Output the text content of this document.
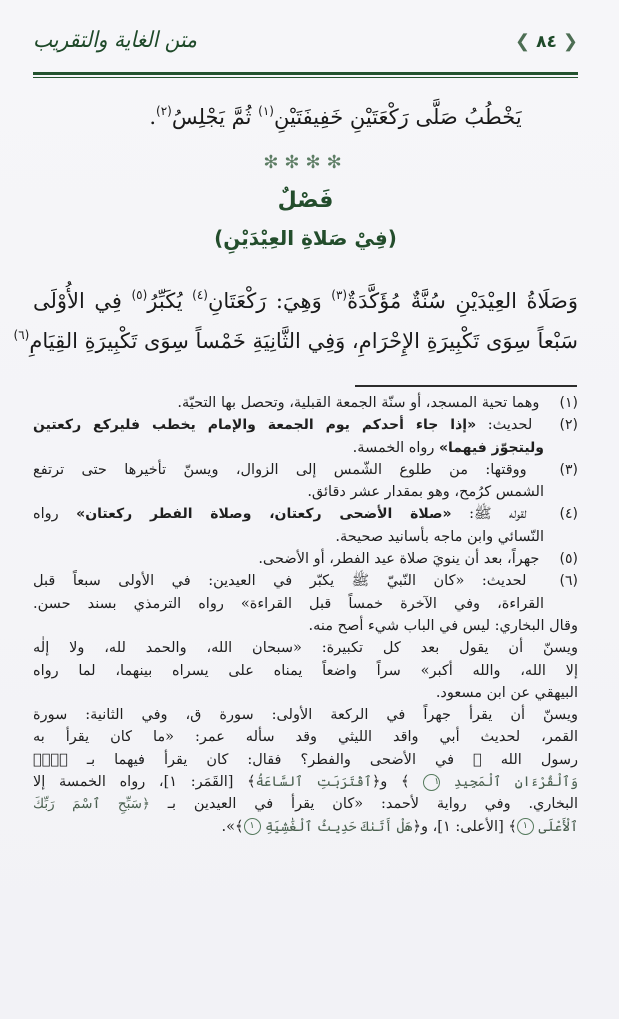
متن الغاية والتقريب	❮ ٨٤ ❯
يَخْطُبُ صَلَّى رَكْعَتَيْنِ خَفِيفَتَيْنِ$^{(١)}$ ثُمَّ يَجْلِسُ$^{(٢)}$.
✻✻✻✻
فَصْلٌ
(فِيْ صَلاةِ العِيْدَيْنِ)
وَصَلَاةُ العِيْدَيْنِ سُنَّةٌ مُؤَكَّدَةٌ$^{(٣)}$ وَهِيَ: رَكْعَتَانِ$^{(٤)}$ يُكَبِّرُ$^{(٥)}$ فِي الأُوْلَى
سَبْعاً سِوَى تَكْبِيرَةِ الإِحْرَامِ، وَفِي الثَّانِيَةِ خَمْساً سِوَى تَكْبِيرَةِ القِيَامِ$^{(٦)}$
(١) وهما تحية المسجد، أو سنّة الجمعة القبلية، وتحصل بها التحيّة.
(٢) لحديث: «إذا جاء أحدكم يوم الجمعة والإمام يخطب فليركع ركعتين
وليتجوّز فيهما» رواه الخمسة.
(٣) ووقتها: من طلوع الشّمس إلى الزوال، ويسنّ تأخيرها حتى ترتفع
الشمس كرُمح، وهو بمقدار عشر دقائق.
(٤) لقوله ﷺ: «صلاة الأضحى ركعتان، وصلاة الفطر ركعتان» رواه
النّسائي وابن ماجه بأسانيد صحيحة.
(٥) جهراً، بعد أن ينويَ صلاة عيد الفطر، أو الأضحى.
(٦) لحديث: «كان النّبيّ ﷺ يكبّر في العيدين: في الأولى سبعاً قبل
القراءة، وفي الآخرة خمساً قبل القراءة» رواه الترمذي بسند حسن.
وقال البخاري: ليس في الباب شيء أصح منه.
ويسنّ أن يقول بعد كل تكبيرة: «سبحان الله، والحمد لله، ولا إلٰه
إلا الله، والله أكبر» سراً واضعاً يمناه على يسراه بينهما، لما رواه
البيهقي عن ابن مسعود.
ويسنّ أن يقرأ جهراً في الركعة الأولى: سورة ق، وفي الثانية: سورة
القمر، لحديث أبي واقد الليثي وقد سأله عمر: «ما كان يقرأ به
رسول الله ﷺ في الأضحى والفطر؟ فقال: كان يقرأ فيهما بـ ﴿قٓۚ
وَٱلْقُرْءَانِ ٱلْمَجِيدِ ١ ﴾ و﴿ٱقْتَرَبَتِ ٱلسَّاعَةُ﴾ [القَمَر: ١]، رواه الخمسة إلا
البخاري. وفي رواية لأحمد: «كان يقرأ في العيدين بـ ﴿سَبِّحِ ٱسْمَ رَبِّكَ
ٱلْأَعْلَى ١﴾ [الأعلى: ١]، و﴿هَلْ أَتَىٰكَ حَدِيثُ ٱلْغَٰشِيَةِ ١﴾».
